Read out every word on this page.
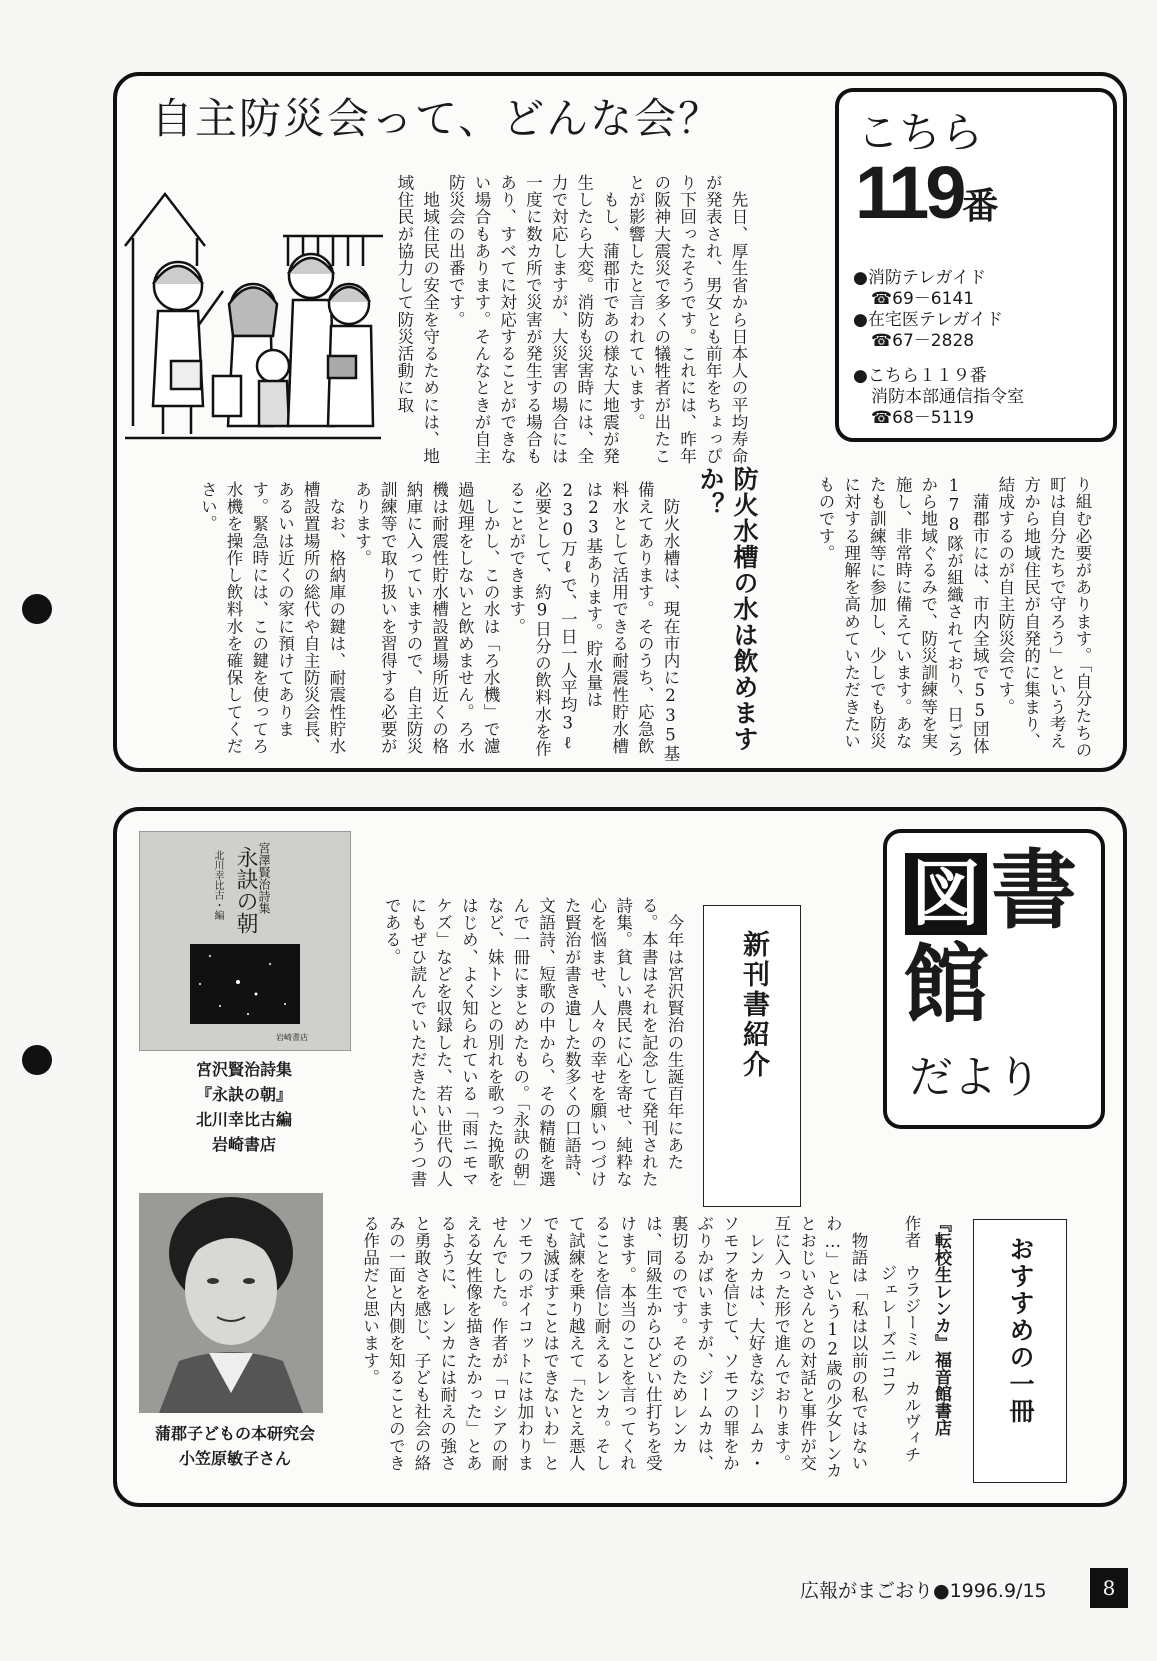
自主防災会って、どんな会？
　先日、厚生省から日本人の平均寿命が発表され、男女とも前年をちょっぴり下回ったそうです。これには、昨年の阪神大震災で多くの犠牲者が出たことが影響したと言われています。
　もし、蒲郡市であの様な大地震が発生したら大変。消防も災害時には、全力で対応しますが、大災害の場合には一度に数カ所で災害が発生する場合もあり、すべてに対応することができない場合もあります。そんなときが自主防災会の出番です。
　地域住民の安全を守るためには、地域住民が協力して防災活動に取
り組む必要があります。「自分たちの町は自分たちで守ろう」という考え方から地域住民が自発的に集まり、結成するのが自主防災会です。
　蒲郡市には、市内全域で55団体178隊が組織されており、日ごろから地域ぐるみで、防災訓練等を実施し、非常時に備えています。あなたも訓練等に参加し、少しでも防災に対する理解を高めていただきたいものです。
防火水槽の水は飲めますか？
　防火水槽は、現在市内に235基備えてあります。そのうち、応急飲料水として活用できる耐震性貯水槽は23基あります。貯水量は230万ℓで、一日一人平均3ℓ必要として、約9日分の飲料水を作ることができます。
　しかし、この水は「ろ水機」で濾過処理をしないと飲めません。ろ水機は耐震性貯水槽設置場所近くの格納庫に入っていますので、自主防災訓練等で取り扱いを習得する必要があります。
　なお、格納庫の鍵は、耐震性貯水槽設置場所の総代や自主防災会長、あるいは近くの家に預けてあります。緊急時には、この鍵を使ってろ水機を操作し飲料水を確保してください。
こちら
119番
●消防テレガイド
☎69－6141
●在宅医テレガイド
☎67－2828
●こちら１１９番
消防本部通信指令室
☎68－5119
図 書
館
だより
宮澤賢治詩集
永訣の朝
北川幸比古・編
岩崎書店
宮沢賢治詩集
『永訣の朝』
北川幸比古編
岩崎書店
蒲郡子どもの本研究会
小笠原敏子さん
新刊書紹介
　今年は宮沢賢治の生誕百年にあたる。本書はそれを記念して発刊された詩集。貧しい農民に心を寄せ、純粋な心を悩ませ、人々の幸せを願いつづけた賢治が書き遺した数多くの口語詩、文語詩、短歌の中から、その精髄を選んで一冊にまとめたもの。「永訣の朝」など、妹トシとの別れを歌った挽歌をはじめ、よく知られている「雨ニモマケズ」などを収録した、若い世代の人にもぜひ読んでいただきたい心うつ書である。
おすすめの一冊
『転校生レンカ』福音館書店
作者　ウラジーミル　カルヴィチ
　　　ジェレーズニコフ
　物語は「私は以前の私ではないわ…」という12歳の少女レンカとおじいさんとの対話と事件が交互に入った形で進んでおります。
　レンカは、大好きなジームカ・ソモフを信じて、ソモフの罪をかぶりかばいますが、ジームカは、裏切るのです。そのためレンカは、同級生からひどい仕打ちを受けます。本当のことを言ってくれることを信じ耐えるレンカ。そして試練を乗り越えて「たとえ悪人でも滅ぼすことはできないわ」とソモフのボイコットには加わりませんでした。作者が「ロシアの耐える女性像を描きたかった」とあるように、レンカには耐えの強さと勇敢さを感じ、子ども社会の絡みの一面と内側を知ることのできる作品だと思います。
広報がまごおり●1996.9/15	8
